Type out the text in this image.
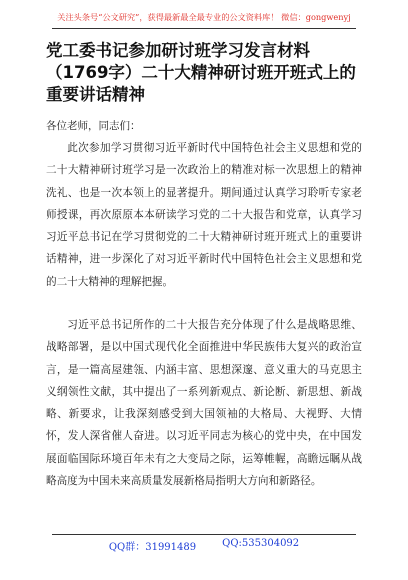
关注头条号“公文研究”，获得最新最全最专业的公文资料库！ 微信：gongwenyj
党工委书记参加研讨班学习发言材料（1769字）二十大精神研讨班开班式上的重要讲话精神
各位老师，同志们：

此次参加学习贯彻习近平新时代中国特色社会主义思想和党的二十大精神研讨班学习是一次政治上的精准对标一次思想上的精神洗礼、也是一次本领上的显著提升。期间通过认真学习聆听专家老师授课，再次原原本本研读学习党的二十大报告和党章，认真学习习近平总书记在学习贯彻党的二十大精神研讨班开班式上的重要讲话精神，进一步深化了对习近平新时代中国特色社会主义思想和党的二十大精神的理解把握。

习近平总书记所作的二十大报告充分体现了什么是战略思维、战略部署，是以中国式现代化全面推进中华民族伟大复兴的政治宣言，是一篇高屋建瓴、内涵丰富、思想深邃、意义重大的马克思主义纲领性文献，其中提出了一系列新观点、新论断、新思想、新战略、新要求，让我深刻感受到大国领袖的大格局、大视野、大情怀，发人深省催人奋进。以习近平同志为核心的党中央，在中国发展面临国际环境百年未有之大变局之际，运筹帷幄，高瞻远瞩从战略高度为中国未来高质量发展新格局指明大方向和新路径。

QQ群：31991489	QQ:535304092
